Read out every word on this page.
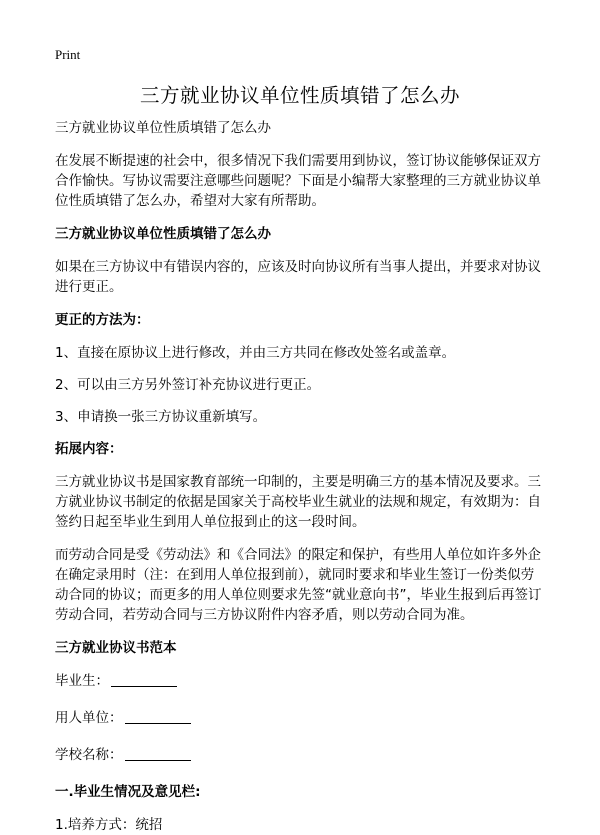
Print
三方就业协议单位性质填错了怎么办

三方就业协议单位性质填错了怎么办

在发展不断提速的社会中，很多情况下我们需要用到协议，签订协议能够保证双方合作愉快。写协议需要注意哪些问题呢？下面是小编帮大家整理的三方就业协议单位性质填错了怎么办，希望对大家有所帮助。

三方就业协议单位性质填错了怎么办

如果在三方协议中有错误内容的，应该及时向协议所有当事人提出，并要求对协议进行更正。

更正的方法为：

1、直接在原协议上进行修改，并由三方共同在修改处签名或盖章。

2、可以由三方另外签订补充协议进行更正。

3、申请换一张三方协议重新填写。

拓展内容：

三方就业协议书是国家教育部统一印制的，主要是明确三方的基本情况及要求。三方就业协议书制定的依据是国家关于高校毕业生就业的法规和规定，有效期为：自签约日起至毕业生到用人单位报到止的这一段时间。

而劳动合同是受《劳动法》和《合同法》的限定和保护，有些用人单位如许多外企在确定录用时（注：在到用人单位报到前），就同时要求和毕业生签订一份类似劳动合同的协议；而更多的用人单位则要求先签“就业意向书”，毕业生报到后再签订劳动合同，若劳动合同与三方协议附件内容矛盾，则以劳动合同为准。

三方就业协议书范本

毕业生：
用人单位：
学校名称：

一.毕业生情况及意见栏:

1.培养方式：统招
